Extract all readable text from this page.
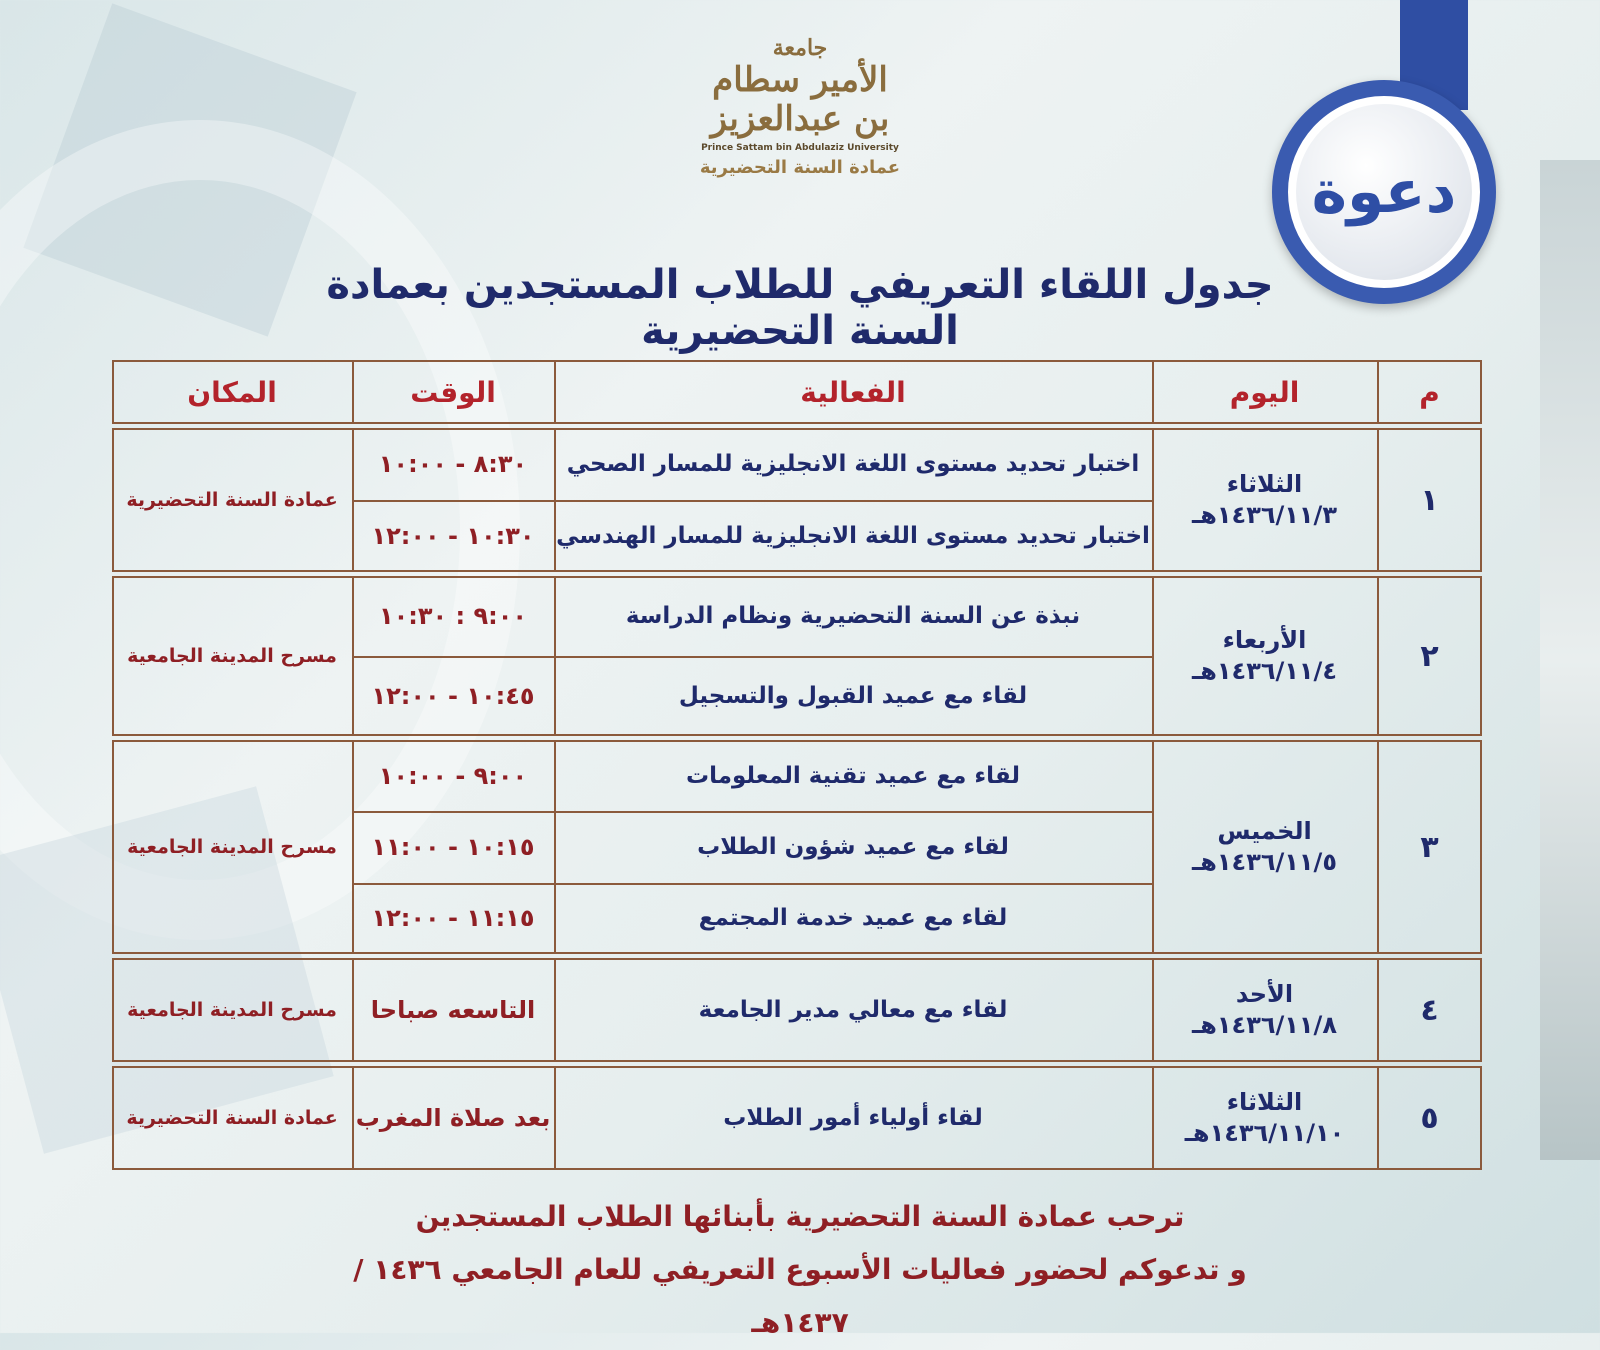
دعوة
جامعة
الأمير سطام
بن عبدالعزيز
Prince Sattam bin Abdulaziz University
عمادة السنة التحضيرية
جدول اللقاء التعريفي للطلاب المستجدين بعمادة السنة التحضيرية
م
اليوم
الفعالية
الوقت
المكان
١
الثلاثاء
١٤٣٦/١١/٣هـ
عمادة السنة التحضيرية
اختبار تحديد مستوى اللغة الانجليزية للمسار الصحي
٨:٣٠ - ١٠:٠٠
اختبار تحديد مستوى اللغة الانجليزية للمسار الهندسي
١٠:٣٠ - ١٢:٠٠
٢
الأربعاء
١٤٣٦/١١/٤هـ
مسرح المدينة الجامعية
نبذة عن السنة التحضيرية ونظام الدراسة
٩:٠٠ : ١٠:٣٠
لقاء مع عميد القبول والتسجيل
١٠:٤٥ - ١٢:٠٠
٣
الخميس
١٤٣٦/١١/٥هـ
مسرح المدينة الجامعية
لقاء مع عميد تقنية المعلومات
٩:٠٠ - ١٠:٠٠
لقاء مع عميد شؤون الطلاب
١٠:١٥ - ١١:٠٠
لقاء مع عميد خدمة المجتمع
١١:١٥ - ١٢:٠٠
٤
الأحد
١٤٣٦/١١/٨هـ
مسرح المدينة الجامعية	لقاء مع معالي مدير الجامعة
التاسعه صباحا
٥
الثلاثاء
١٤٣٦/١١/١٠هـ
عمادة السنة التحضيرية	لقاء أولياء أمور الطلاب
بعد صلاة المغرب
ترحب عمادة السنة التحضيرية بأبنائها الطلاب المستجدين
و تدعوكم لحضور فعاليات الأسبوع التعريفي للعام الجامعي ١٤٣٦ / ١٤٣٧هـ
